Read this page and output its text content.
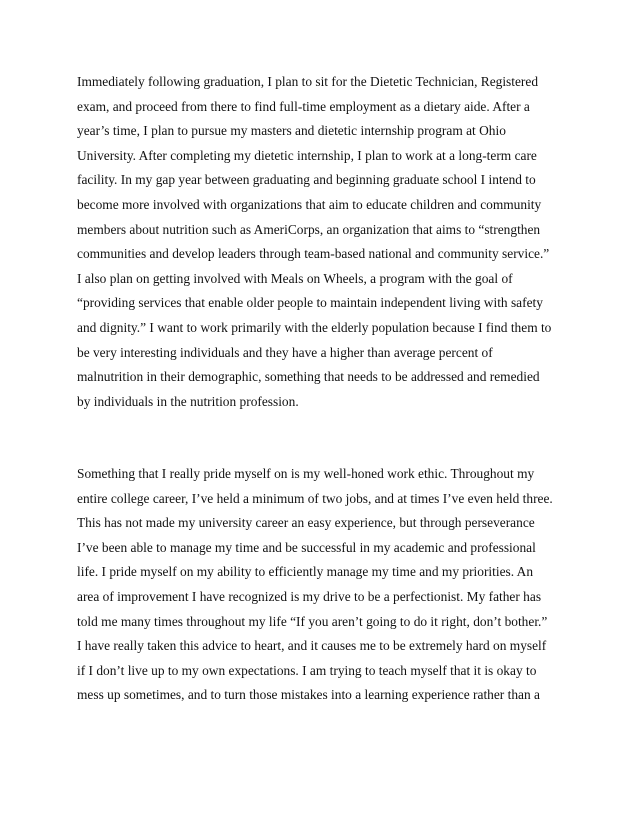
Immediately following graduation, I plan to sit for the Dietetic Technician, Registered
exam, and proceed from there to find full-time employment as a dietary aide. After a
year’s time, I plan to pursue my masters and dietetic internship program at Ohio
University. After completing my dietetic internship, I plan to work at a long-term care
facility. In my gap year between graduating and beginning graduate school I intend to
become more involved with organizations that aim to educate children and community
members about nutrition such as AmeriCorps, an organization that aims to “strengthen
communities and develop leaders through team-based national and community service.”
I also plan on getting involved with Meals on Wheels, a program with the goal of
“providing services that enable older people to maintain independent living with safety
and dignity.” I want to work primarily with the elderly population because I find them to
be very interesting individuals and they have a higher than average percent of
malnutrition in their demographic, something that needs to be addressed and remedied
by individuals in the nutrition profession.

Something that I really pride myself on is my well-honed work ethic. Throughout my
entire college career, I’ve held a minimum of two jobs, and at times I’ve even held three.
This has not made my university career an easy experience, but through perseverance
I’ve been able to manage my time and be successful in my academic and professional
life. I pride myself on my ability to efficiently manage my time and my priorities. An
area of improvement I have recognized is my drive to be a perfectionist. My father has
told me many times throughout my life “If you aren’t going to do it right, don’t bother.”
I have really taken this advice to heart, and it causes me to be extremely hard on myself
if I don’t live up to my own expectations. I am trying to teach myself that it is okay to
mess up sometimes, and to turn those mistakes into a learning experience rather than a
